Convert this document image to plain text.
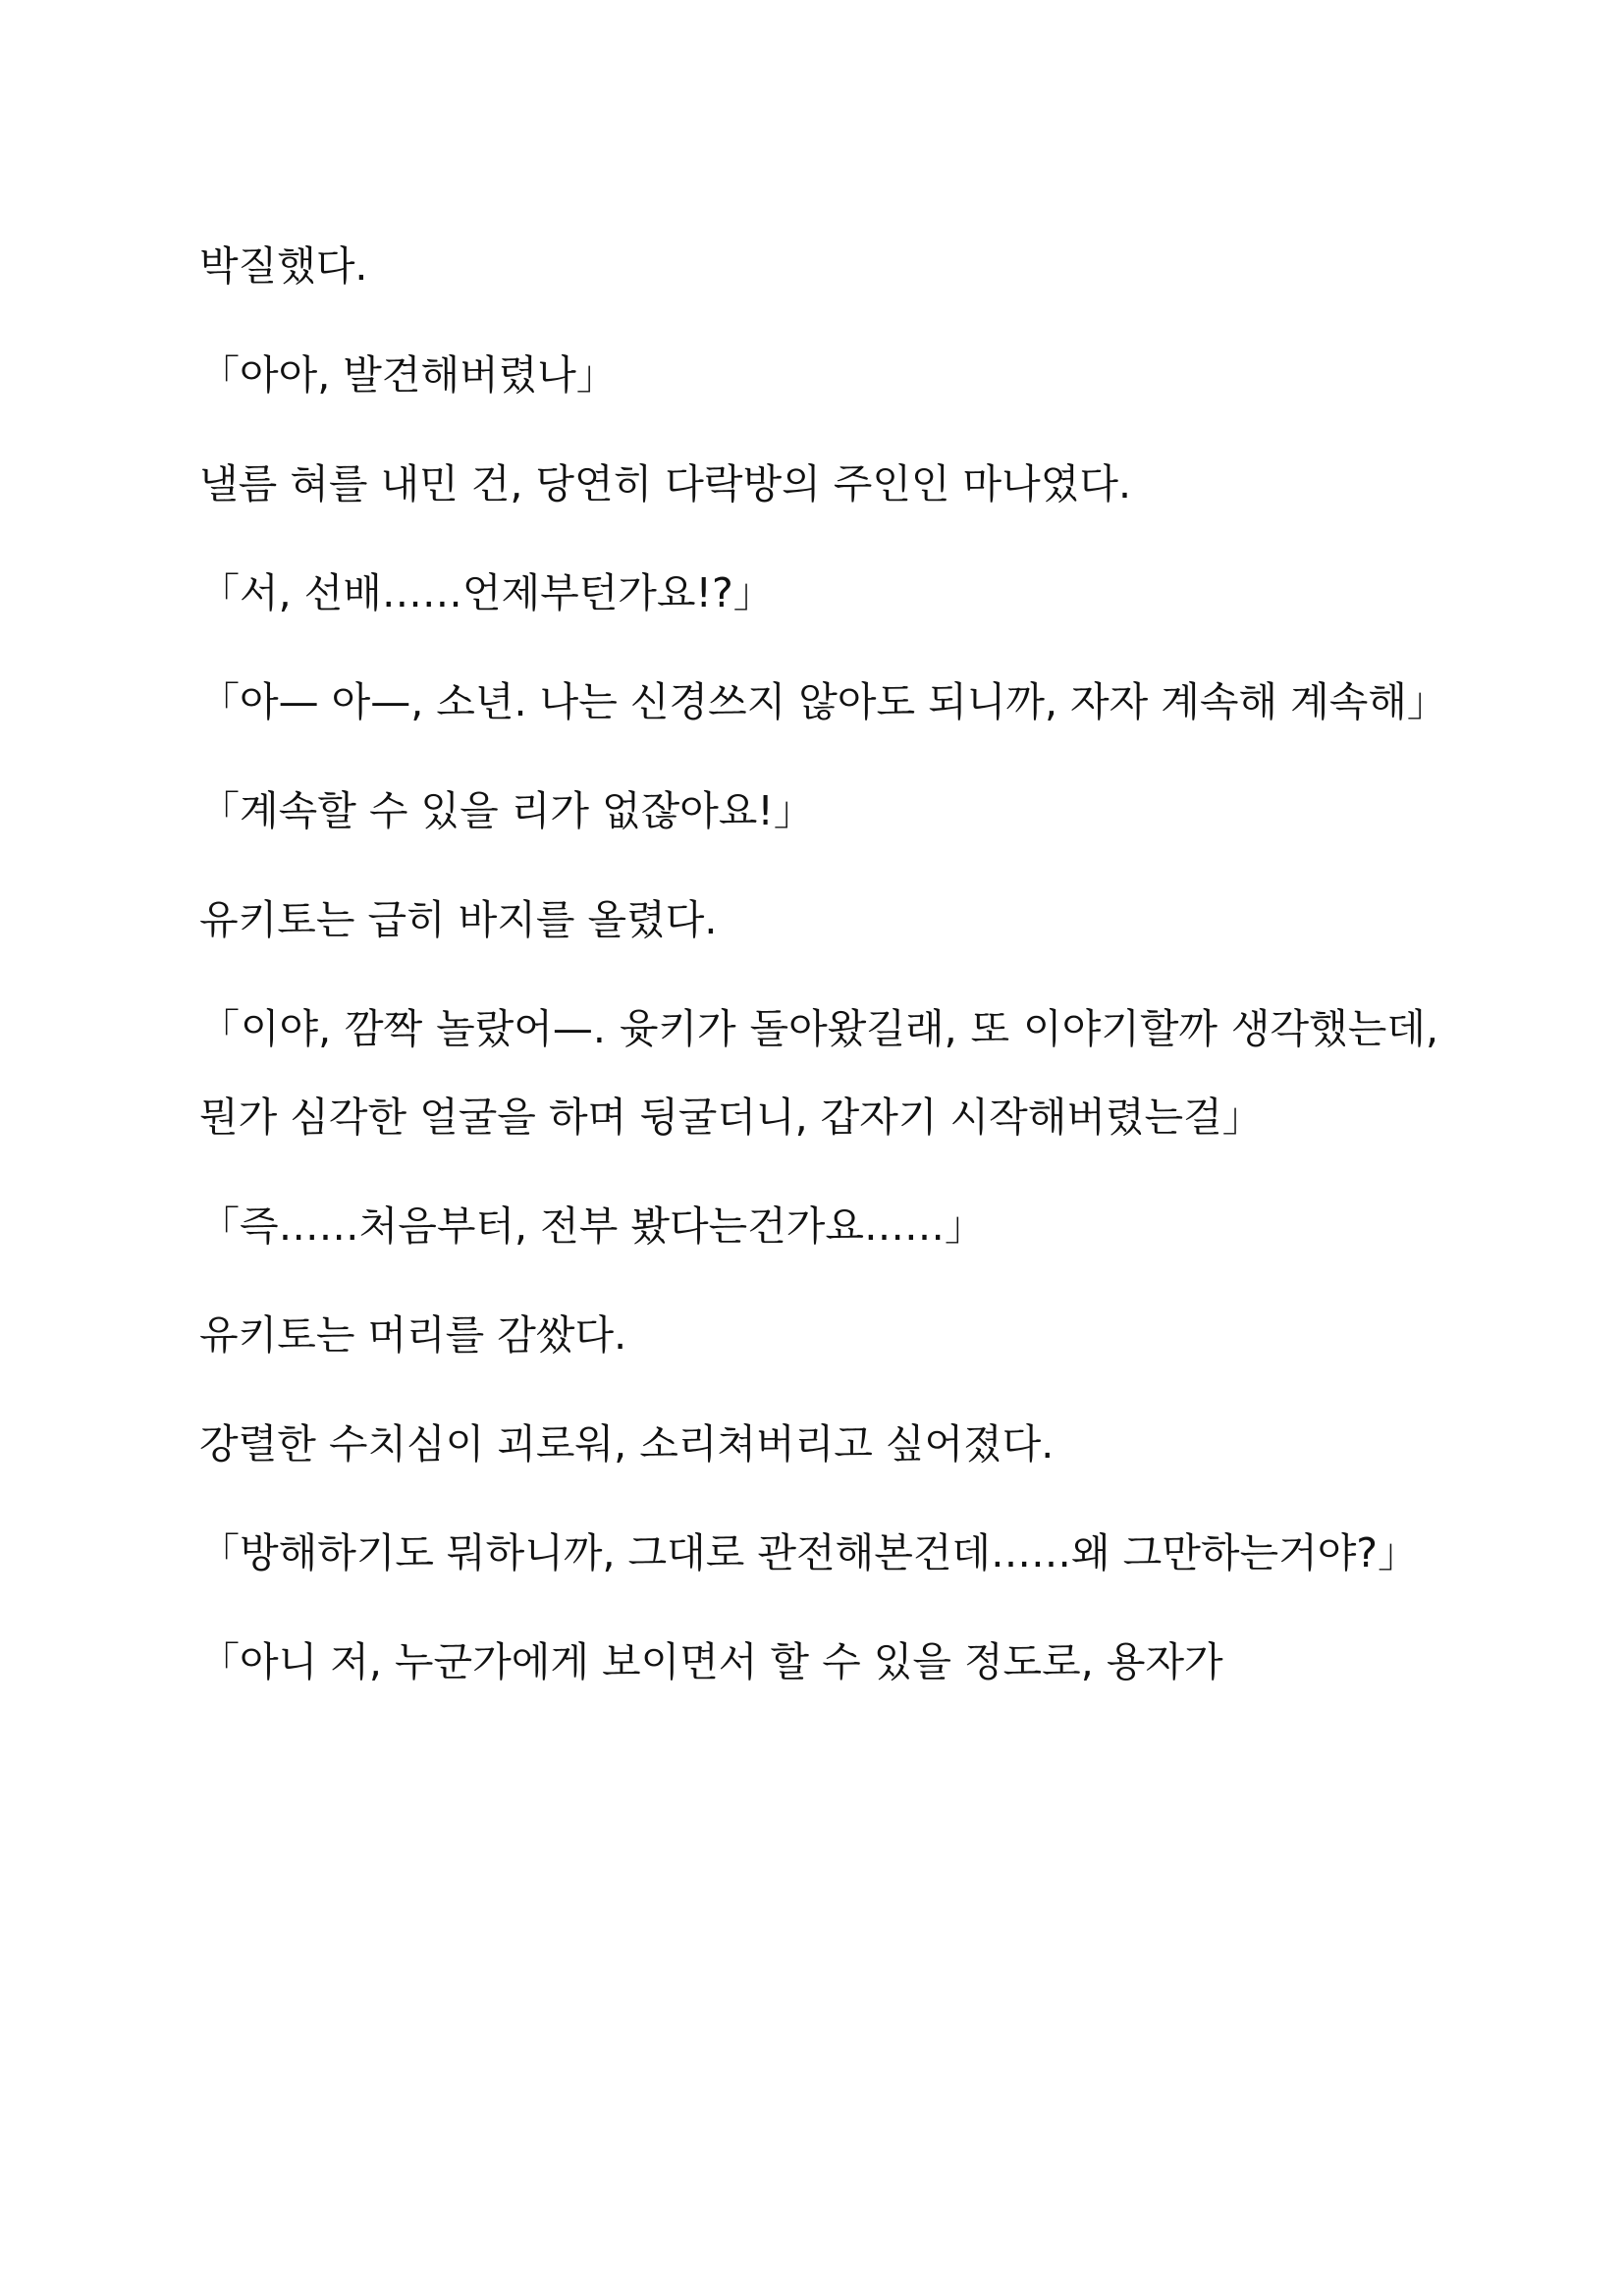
박질했다.

「아아, 발견해버렸나」

낼름 혀를 내민 건, 당연히 다락방의 주인인 마나였다.

「서, 선배……언제부턴가요!?」

「아— 아—, 소년. 나는 신경쓰지 않아도 되니까, 자자 계속해 계속해」

「계속할 수 있을 리가 없잖아요!」

유키토는 급히 바지를 올렸다.

「이야, 깜짝 놀랐어—. 윳키가 돌아왔길래, 또 이야기할까 생각했는데, 뭔가 심각한 얼굴을 하며 뒹굴더니, 갑자기 시작해버렸는걸」

「즉……처음부터, 전부 봤다는건가요……」

유키토는 머리를 감쌌다.

강렬한 수치심이 괴로워, 소리쳐버리고 싶어졌다.

「방해하기도 뭐하니까, 그대로 관전해본건데……왜 그만하는거야?」

「아니 저, 누군가에게 보이면서 할 수 있을 정도로, 용자가
